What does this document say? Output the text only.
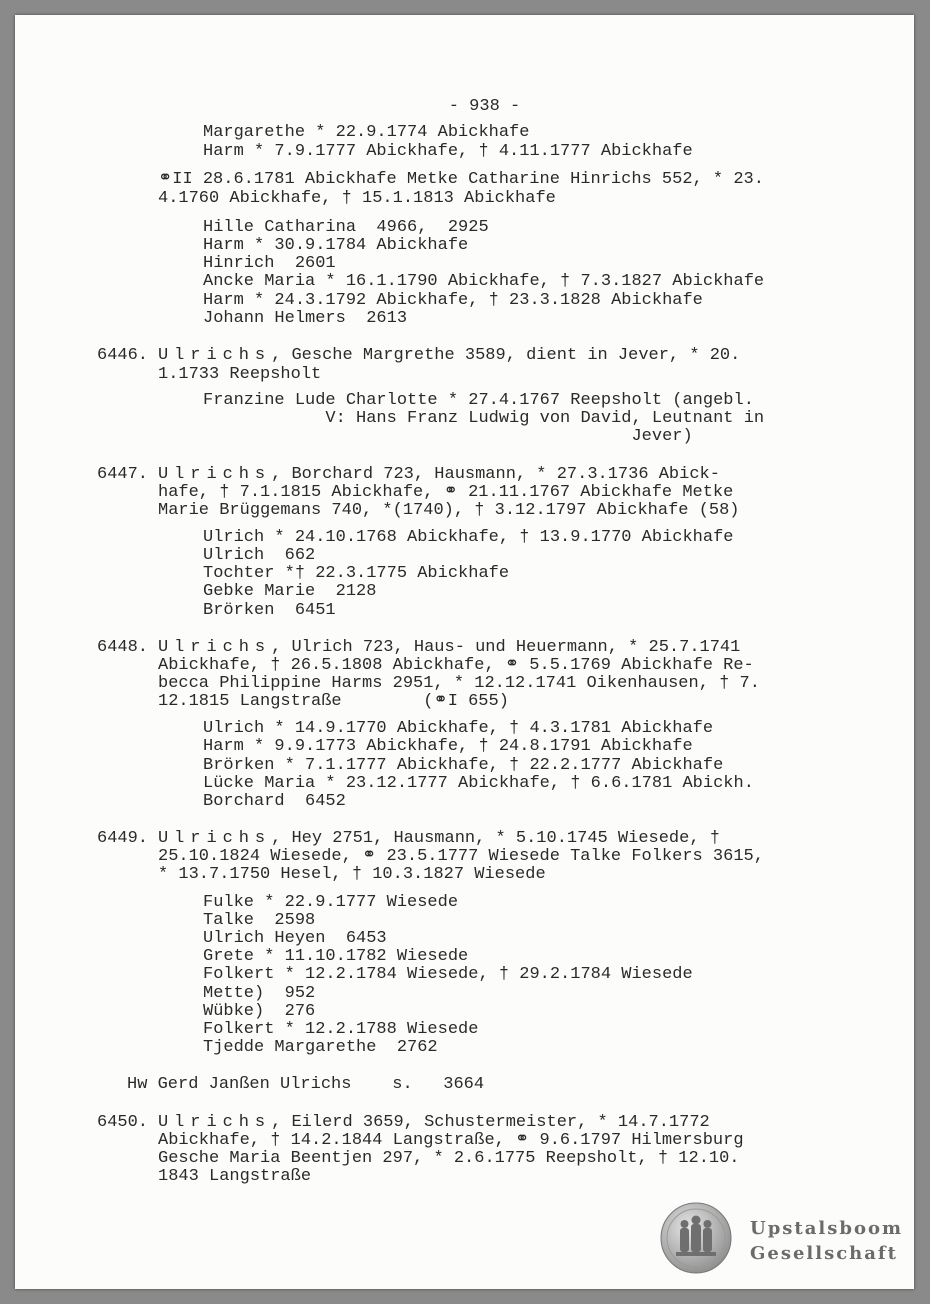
- 938 -
Margarethe * 22.9.1774 Abickhafe
Harm * 7.9.1777 Abickhafe, † 4.11.1777 Abickhafe
⚭II 28.6.1781 Abickhafe Metke Catharine Hinrichs 552, * 23.
4.1760 Abickhafe, † 15.1.1813 Abickhafe
Hille Catharina  4966,  2925
Harm * 30.9.1784 Abickhafe
Hinrich  2601
Ancke Maria * 16.1.1790 Abickhafe, † 7.3.1827 Abickhafe
Harm * 24.3.1792 Abickhafe, † 23.3.1828 Abickhafe
Johann Helmers  2613
6446. Ulrichs, Gesche Margrethe 3589, dient in Jever, * 20.
1.1733 Reepsholt
Franzine Lude Charlotte * 27.4.1767 Reepsholt (angebl.
V: Hans Franz Ludwig von David, Leutnant in
Jever)
6447. Ulrichs, Borchard 723, Hausmann, * 27.3.1736 Abick-
hafe, † 7.1.1815 Abickhafe, ⚭ 21.11.1767 Abickhafe Metke
Marie Brüggemans 740, *(1740), † 3.12.1797 Abickhafe (58)
Ulrich * 24.10.1768 Abickhafe, † 13.9.1770 Abickhafe
Ulrich  662
Tochter *† 22.3.1775 Abickhafe
Gebke Marie  2128
Brörken  6451
6448. Ulrichs, Ulrich 723, Haus- und Heuermann, * 25.7.1741
Abickhafe, † 26.5.1808 Abickhafe, ⚭ 5.5.1769 Abickhafe Re-
becca Philippine Harms 2951, * 12.12.1741 Oikenhausen, † 7.
12.1815 Langstraße        (⚭I 655)
Ulrich * 14.9.1770 Abickhafe, † 4.3.1781 Abickhafe
Harm * 9.9.1773 Abickhafe, † 24.8.1791 Abickhafe
Brörken * 7.1.1777 Abickhafe, † 22.2.1777 Abickhafe
Lücke Maria * 23.12.1777 Abickhafe, † 6.6.1781 Abickh.
Borchard  6452
6449. Ulrichs, Hey 2751, Hausmann, * 5.10.1745 Wiesede, †
25.10.1824 Wiesede, ⚭ 23.5.1777 Wiesede Talke Folkers 3615,
* 13.7.1750 Hesel, † 10.3.1827 Wiesede
Fulke * 22.9.1777 Wiesede
Talke  2598
Ulrich Heyen  6453
Grete * 11.10.1782 Wiesede
Folkert * 12.2.1784 Wiesede, † 29.2.1784 Wiesede
Mette)  952
Wübke)  276
Folkert * 12.2.1788 Wiesede
Tjedde Margarethe  2762
Hw Gerd Janßen Ulrichs    s.   3664
6450. Ulrichs, Eilerd 3659, Schustermeister, * 14.7.1772
Abickhafe, † 14.2.1844 Langstraße, ⚭ 9.6.1797 Hilmersburg
Gesche Maria Beentjen 297, * 2.6.1775 Reepsholt, † 12.10.
1843 Langstraße
Upstalsboom
Gesellschaft
